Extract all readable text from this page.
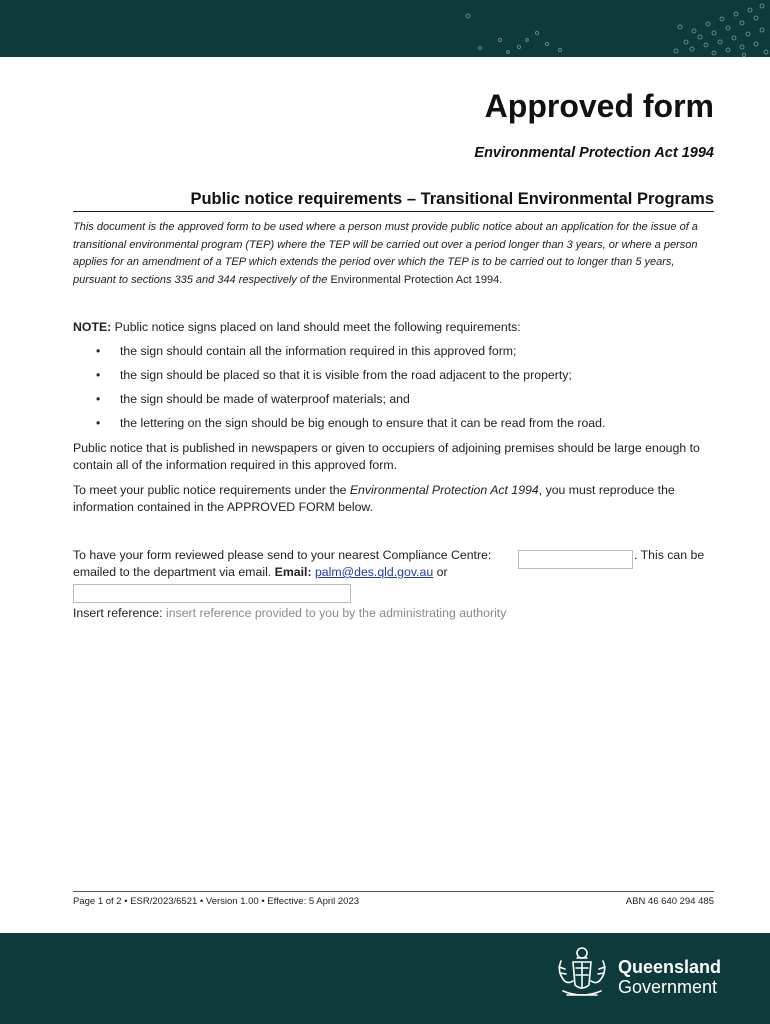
Approved form
Environmental Protection Act 1994
Public notice requirements – Transitional Environmental Programs
This document is the approved form to be used where a person must provide public notice about an application for the issue of a transitional environmental program (TEP) where the TEP will be carried out over a period longer than 3 years, or where a person applies for an amendment of a TEP which extends the period over which the TEP is to be carried out to longer than 5 years, pursuant to sections 335 and 344 respectively of the Environmental Protection Act 1994.
NOTE: Public notice signs placed on land should meet the following requirements:
• the sign should contain all the information required in this approved form;
• the sign should be placed so that it is visible from the road adjacent to the property;
• the sign should be made of waterproof materials; and
• the lettering on the sign should be big enough to ensure that it can be read from the road.
Public notice that is published in newspapers or given to occupiers of adjoining premises should be large enough to contain all of the information required in this approved form.
To meet your public notice requirements under the Environmental Protection Act 1994, you must reproduce the information contained in the APPROVED FORM below.
To have your form reviewed please send to your nearest Compliance Centre:	. This can be
emailed to the department via email. Email: palm@des.qld.gov.au or
Insert reference: insert reference provided to you by the administrating authority
Page 1 of 2 • ESR/2023/6521 • Version 1.00 • Effective: 5 April 2023	ABN 46 640 294 485
Queensland
Government
